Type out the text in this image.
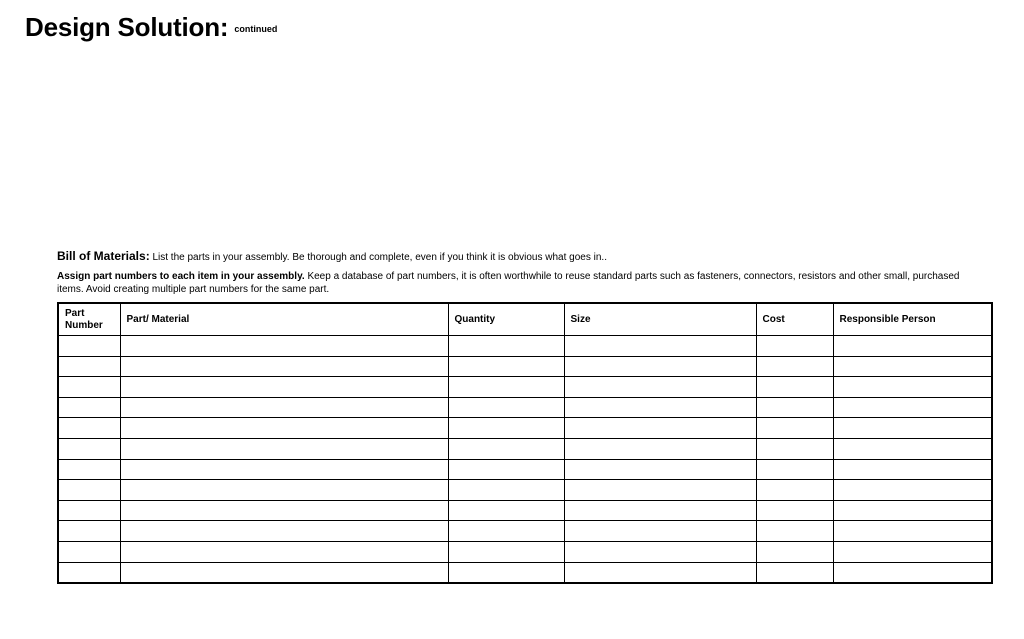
Design Solution: $^{continued}$
Bill of Materials: List the parts in your assembly. Be thorough and complete, even if you think it is obvious what goes in..
Assign part numbers to each item in your assembly. Keep a database of part numbers, it is often worthwhile to reuse standard parts such as fasteners, connectors, resistors and other small, purchased items. Avoid creating multiple part numbers for the same part.
Part Number	Part/ Material	Quantity	Size	Cost	Responsible Person
